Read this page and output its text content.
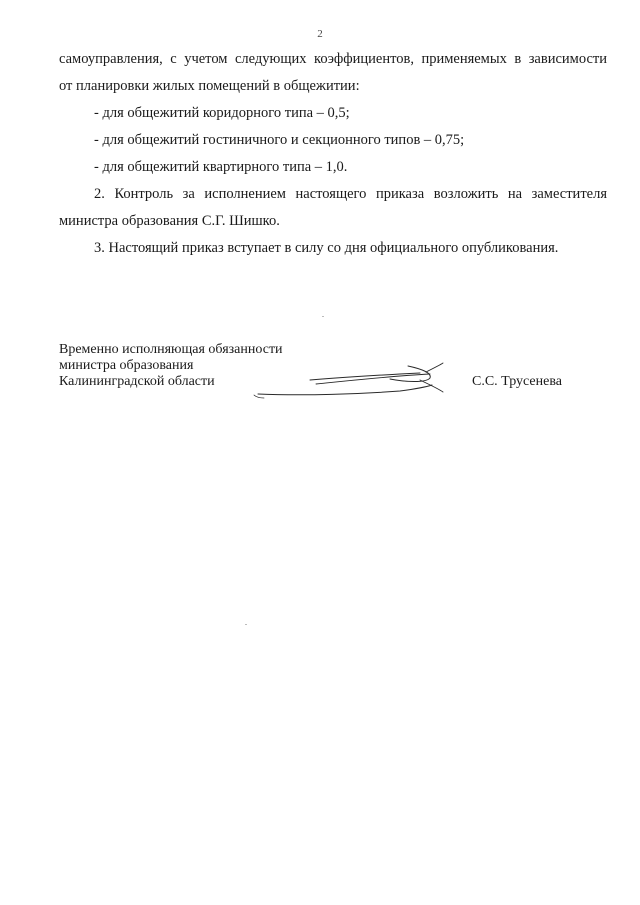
2
самоуправления, с учетом следующих коэффициентов, применяемых в зависимости
от планировки жилых помещений в общежитии:
- для общежитий коридорного типа – 0,5;
- для общежитий гостиничного и секционного типов – 0,75;
- для общежитий квартирного типа – 1,0.
2. Контроль за исполнением настоящего приказа возложить на заместителя
министра образования С.Г. Шишко.
3. Настоящий приказ вступает в силу со дня официального опубликования.
Временно исполняющая обязанности
министра образования
Калининградской области	С.С. Трусенева
